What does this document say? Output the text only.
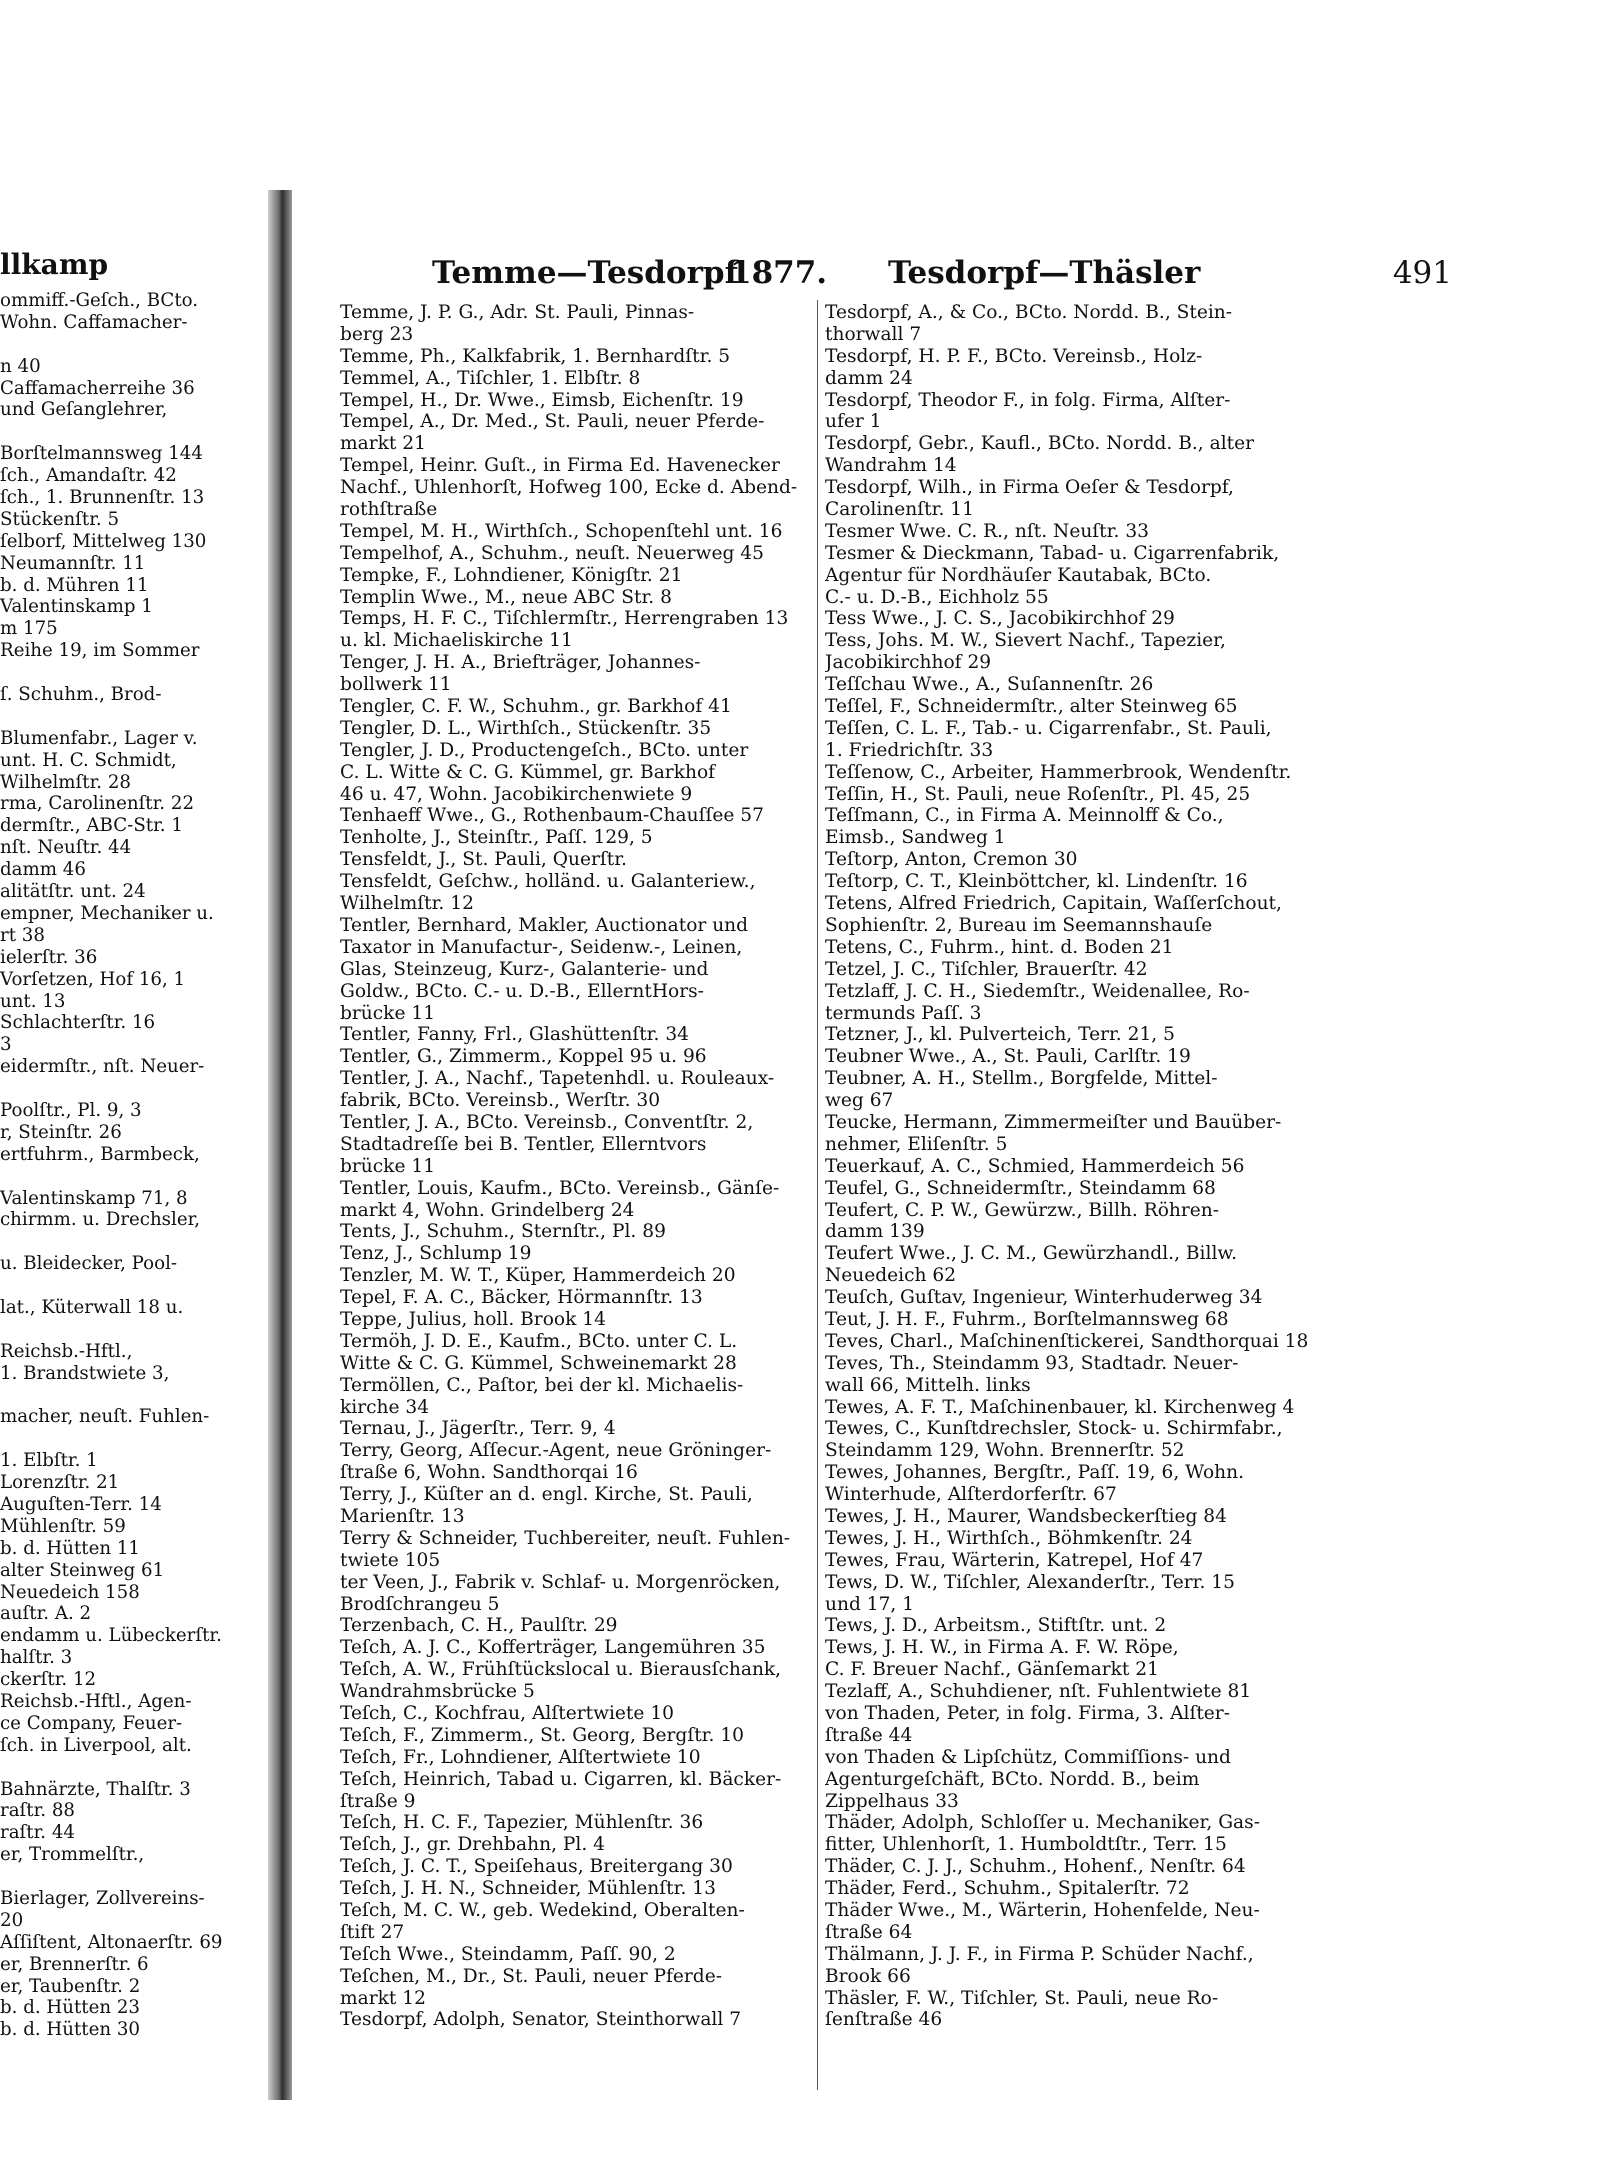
llkamp
ommiff.-Geſch., BCto.
Wohn. Caffamacher-
n 40
Caffamacherreihe 36
und Geſanglehrer,
Borſtelmannsweg 144
ſch., Amandaſtr. 42
ſch., 1. Brunnenſtr. 13
Stückenſtr. 5
ſelborf, Mittelweg 130
Neumannſtr. 11
b. d. Mühren 11
Valentinskamp 1
m 175
Reihe 19, im Sommer
ſ. Schuhm., Brod-
Blumenfabr., Lager v.
unt. H. C. Schmidt,
Wilhelmſtr. 28
rma, Carolinenſtr. 22
dermſtr., ABC-Str. 1
nſt. Neuſtr. 44
damm 46
alitätſtr. unt. 24
empner, Mechaniker u.
rt 38
ielerſtr. 36
Vorſetzen, Hof 16, 1
unt. 13
Schlachterſtr. 16
3
eidermſtr., nſt. Neuer-
Poolſtr., Pl. 9, 3
r, Steinſtr. 26
ertfuhrm., Barmbeck,
Valentinskamp 71, 8
chirmm. u. Drechsler,
u. Bleidecker, Pool-
lat., Küterwall 18 u.
Reichsb.-Hftl.,
1. Brandstwiete 3,
macher, neuſt. Fuhlen-
1. Elbſtr. 1
Lorenzſtr. 21
Auguſten-Terr. 14
Mühlenſtr. 59
b. d. Hütten 11
alter Steinweg 61
Neuedeich 158
auſtr. A. 2
endamm u. Lübeckerſtr.
halſtr. 3
ckerſtr. 12
Reichsb.-Hftl., Agen-
ce Company, Feuer-
ſch. in Liverpool, alt.
Bahnärzte, Thalſtr. 3
raſtr. 88
raſtr. 44
er, Trommelſtr.,
Bierlager, Zollvereins-
20
Aſſiſtent, Altonaerſtr. 69
er, Brennerſtr. 6
er, Taubenſtr. 2
b. d. Hütten 23
b. d. Hütten 30
Temme—Tesdorpf
1877. Tesdorpf—Thäsler	491
Temme, J. P. G., Adr. St. Pauli, Pinnas-
berg 23
Temme, Ph., Kalkfabrik, 1. Bernhardſtr. 5
Temmel, A., Tiſchler, 1. Elbſtr. 8
Tempel, H., Dr. Wwe., Eimsb, Eichenſtr. 19
Tempel, A., Dr. Med., St. Pauli, neuer Pferde-
markt 21
Tempel, Heinr. Guſt., in Firma Ed. Havenecker
Nachf., Uhlenhorſt, Hofweg 100, Ecke d. Abend-
rothſtraße
Tempel, M. H., Wirthſch., Schopenſtehl unt. 16
Tempelhof, A., Schuhm., neuſt. Neuerweg 45
Tempke, F., Lohndiener, Königſtr. 21
Templin Wwe., M., neue ABC Str. 8
Temps, H. F. C., Tiſchlermſtr., Herrengraben 13
u. kl. Michaeliskirche 11
Tenger, J. H. A., Briefträger, Johannes-
bollwerk 11
Tengler, C. F. W., Schuhm., gr. Barkhof 41
Tengler, D. L., Wirthſch., Stückenſtr. 35
Tengler, J. D., Productengeſch., BCto. unter
C. L. Witte & C. G. Kümmel, gr. Barkhof
46 u. 47, Wohn. Jacobikirchenwiete 9
Tenhaeff Wwe., G., Rothenbaum-Chauſſee 57
Tenholte, J., Steinſtr., Paſſ. 129, 5
Tensfeldt, J., St. Pauli, Querſtr.
Tensfeldt, Geſchw., holländ. u. Galanteriew.,
Wilhelmſtr. 12
Tentler, Bernhard, Makler, Auctionator und
Taxator in Manufactur-, Seidenw.-, Leinen,
Glas, Steinzeug, Kurz-, Galanterie- und
Goldw., BCto. C.- u. D.-B., EllerntHors-
brücke 11
Tentler, Fanny, Frl., Glashüttenſtr. 34
Tentler, G., Zimmerm., Koppel 95 u. 96
Tentler, J. A., Nachf., Tapetenhdl. u. Rouleaux-
fabrik, BCto. Vereinsb., Werſtr. 30
Tentler, J. A., BCto. Vereinsb., Conventſtr. 2,
Stadtadreſſe bei B. Tentler, Ellerntvors
brücke 11
Tentler, Louis, Kaufm., BCto. Vereinsb., Gänſe-
markt 4, Wohn. Grindelberg 24
Tents, J., Schuhm., Sternſtr., Pl. 89
Tenz, J., Schlump 19
Tenzler, M. W. T., Küper, Hammerdeich 20
Tepel, F. A. C., Bäcker, Hörmannſtr. 13
Teppe, Julius, holl. Brook 14
Termöh, J. D. E., Kaufm., BCto. unter C. L.
Witte & C. G. Kümmel, Schweinemarkt 28
Termöllen, C., Paſtor, bei der kl. Michaelis-
kirche 34
Ternau, J., Jägerſtr., Terr. 9, 4
Terry, Georg, Aſſecur.-Agent, neue Gröninger-
ſtraße 6, Wohn. Sandthorqai 16
Terry, J., Küſter an d. engl. Kirche, St. Pauli,
Marienſtr. 13
Terry & Schneider, Tuchbereiter, neuſt. Fuhlen-
twiete 105
ter Veen, J., Fabrik v. Schlaf- u. Morgenröcken,
Brodſchrangeu 5
Terzenbach, C. H., Paulſtr. 29
Teſch, A. J. C., Kofferträger, Langemühren 35
Teſch, A. W., Frühſtückslocal u. Bierausſchank,
Wandrahmsbrücke 5
Teſch, C., Kochfrau, Alſtertwiete 10
Teſch, F., Zimmerm., St. Georg, Bergſtr. 10
Teſch, Fr., Lohndiener, Alſtertwiete 10
Teſch, Heinrich, Tabad u. Cigarren, kl. Bäcker-
ſtraße 9
Teſch, H. C. F., Tapezier, Mühlenſtr. 36
Teſch, J., gr. Drehbahn, Pl. 4
Teſch, J. C. T., Speiſehaus, Breitergang 30
Teſch, J. H. N., Schneider, Mühlenſtr. 13
Teſch, M. C. W., geb. Wedekind, Oberalten-
ſtift 27
Teſch Wwe., Steindamm, Paſſ. 90, 2
Teſchen, M., Dr., St. Pauli, neuer Pferde-
markt 12
Tesdorpf, Adolph, Senator, Steinthorwall 7
Tesdorpf, A., & Co., BCto. Nordd. B., Stein-
thorwall 7
Tesdorpf, H. P. F., BCto. Vereinsb., Holz-
damm 24
Tesdorpf, Theodor F., in folg. Firma, Alſter-
ufer 1
Tesdorpf, Gebr., Kaufl., BCto. Nordd. B., alter
Wandrahm 14
Tesdorpf, Wilh., in Firma Oeſer & Tesdorpf,
Carolinenſtr. 11
Tesmer Wwe. C. R., nſt. Neuſtr. 33
Tesmer & Dieckmann, Tabad- u. Cigarrenfabrik,
Agentur für Nordhäuſer Kautabak, BCto.
C.- u. D.-B., Eichholz 55
Tess Wwe., J. C. S., Jacobikirchhof 29
Tess, Johs. M. W., Sievert Nachf., Tapezier,
Jacobikirchhof 29
Teſſchau Wwe., A., Suſannenſtr. 26
Teſſel, F., Schneidermſtr., alter Steinweg 65
Teſſen, C. L. F., Tab.- u. Cigarrenfabr., St. Pauli,
1. Friedrichſtr. 33
Teſſenow, C., Arbeiter, Hammerbrook, Wendenſtr.
Teſſin, H., St. Pauli, neue Roſenſtr., Pl. 45, 25
Teſſmann, C., in Firma A. Meinnolff & Co.,
Eimsb., Sandweg 1
Teſtorp, Anton, Cremon 30
Teſtorp, C. T., Kleinböttcher, kl. Lindenſtr. 16
Tetens, Alfred Friedrich, Capitain, Waſſerſchout,
Sophienſtr. 2, Bureau im Seemannshauſe
Tetens, C., Fuhrm., hint. d. Boden 21
Tetzel, J. C., Tiſchler, Brauerſtr. 42
Tetzlaff, J. C. H., Siedemſtr., Weidenallee, Ro-
termunds Paſſ. 3
Tetzner, J., kl. Pulverteich, Terr. 21, 5
Teubner Wwe., A., St. Pauli, Carlſtr. 19
Teubner, A. H., Stellm., Borgfelde, Mittel-
weg 67
Teucke, Hermann, Zimmermeiſter und Bauüber-
nehmer, Eliſenſtr. 5
Teuerkauf, A. C., Schmied, Hammerdeich 56
Teufel, G., Schneidermſtr., Steindamm 68
Teufert, C. P. W., Gewürzw., Billh. Röhren-
damm 139
Teufert Wwe., J. C. M., Gewürzhandl., Billw.
Neuedeich 62
Teuſch, Guſtav, Ingenieur, Winterhuderweg 34
Teut, J. H. F., Fuhrm., Borſtelmannsweg 68
Teves, Charl., Maſchinenſtickerei, Sandthorquai 18
Teves, Th., Steindamm 93, Stadtadr. Neuer-
wall 66, Mittelh. links
Tewes, A. F. T., Maſchinenbauer, kl. Kirchenweg 4
Tewes, C., Kunſtdrechsler, Stock- u. Schirmfabr.,
Steindamm 129, Wohn. Brennerſtr. 52
Tewes, Johannes, Bergſtr., Paſſ. 19, 6, Wohn.
Winterhude, Alſterdorferſtr. 67
Tewes, J. H., Maurer, Wandsbeckerſtieg 84
Tewes, J. H., Wirthſch., Böhmkenſtr. 24
Tewes, Frau, Wärterin, Katrepel, Hof 47
Tews, D. W., Tiſchler, Alexanderſtr., Terr. 15
und 17, 1
Tews, J. D., Arbeitsm., Stiftſtr. unt. 2
Tews, J. H. W., in Firma A. F. W. Röpe,
C. F. Breuer Nachf., Gänſemarkt 21
Tezlaff, A., Schuhdiener, nſt. Fuhlentwiete 81
von Thaden, Peter, in folg. Firma, 3. Alſter-
ſtraße 44
von Thaden & Lipſchütz, Commiſſions- und
Agenturgeſchäft, BCto. Nordd. B., beim
Zippelhaus 33
Thäder, Adolph, Schloſſer u. Mechaniker, Gas-
fitter, Uhlenhorſt, 1. Humboldtſtr., Terr. 15
Thäder, C. J. J., Schuhm., Hohenf., Nenſtr. 64
Thäder, Ferd., Schuhm., Spitalerſtr. 72
Thäder Wwe., M., Wärterin, Hohenfelde, Neu-
ſtraße 64
Thälmann, J. J. F., in Firma P. Schüder Nachf.,
Brook 66
Thäsler, F. W., Tiſchler, St. Pauli, neue Ro-
ſenſtraße 46
